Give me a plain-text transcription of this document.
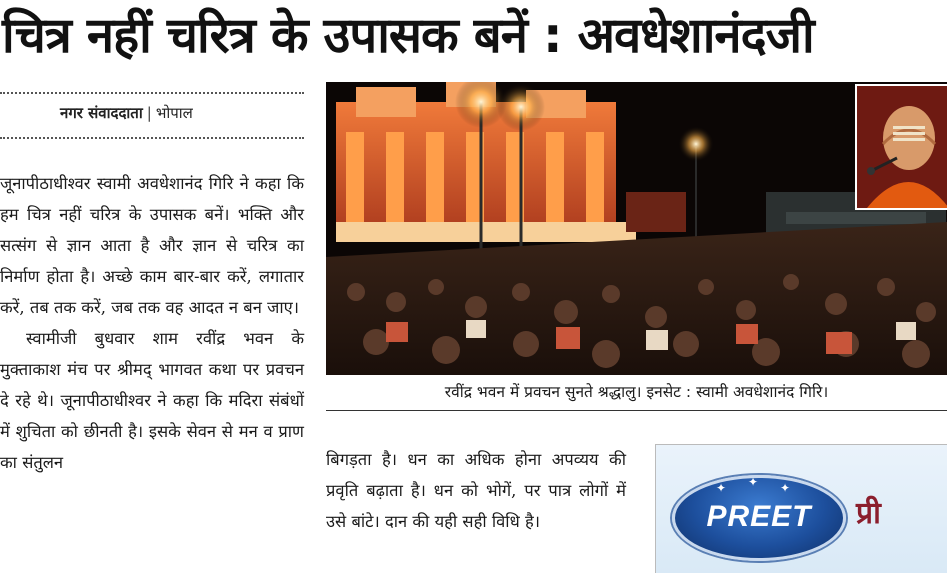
चित्र नहीं चरित्र के उपासक बनें : अवधेशानंदजी
नगर संवाददाता | भोपाल

जूनापीठाधीश्वर स्वामी अवधेशानंद गिरि ने कहा कि हम चित्र नहीं चरित्र के उपासक बनें। भक्ति और सत्संग से ज्ञान आता है और ज्ञान से चरित्र का निर्माण होता है। अच्छे काम बार-बार करें, लगातार करें, तब तक करें, जब तक वह आदत न बन जाए।

स्वामीजी बुधवार शाम रवींद्र भवन के मुक्ताकाश मंच पर श्रीमद् भागवत कथा पर प्रवचन दे रहे थे। जूनापीठाधीश्वर ने कहा कि मदिरा संबंधों में शुचिता को छीनती है। इसके सेवन से मन व प्राण का संतुलन

रवींद्र भवन में प्रवचन सुनते श्रद्धालु। इनसेट : स्वामी अवधेशानंद गिरि।

बिगड़ता है। धन का अधिक होना अपव्यय की प्रवृति बढ़ाता है। धन को भोगें, पर पात्र लोगों में उसे बांटे। दान की यही सही विधि है।

✦ ✦ ✦
PREET	प्री
